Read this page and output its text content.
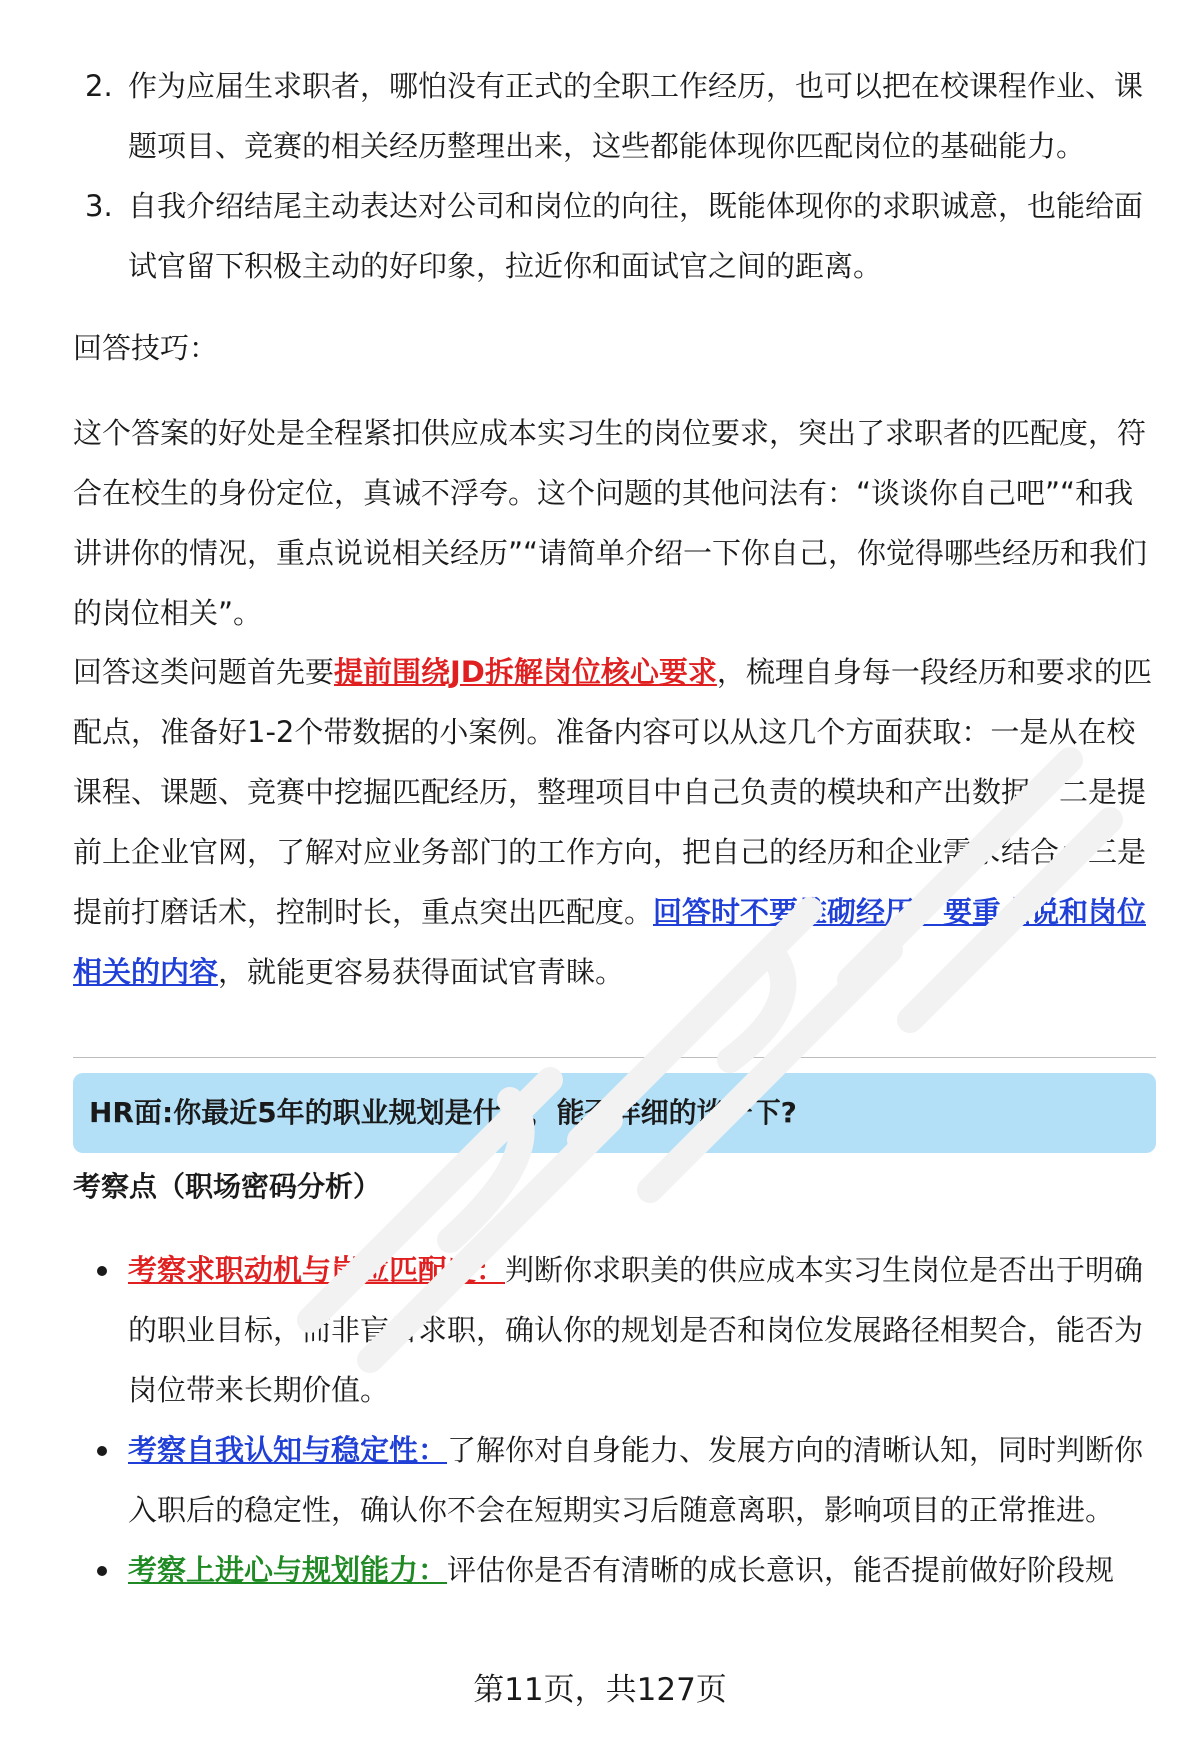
2. 作为应届生求职者，哪怕没有正式的全职工作经历，也可以把在校课程作业、课题项目、竞赛的相关经历整理出来，这些都能体现你匹配岗位的基础能力。
3. 自我介绍结尾主动表达对公司和岗位的向往，既能体现你的求职诚意，也能给面试官留下积极主动的好印象，拉近你和面试官之间的距离。

回答技巧：

这个答案的好处是全程紧扣供应成本实习生的岗位要求，突出了求职者的匹配度，符合在校生的身份定位，真诚不浮夸。这个问题的其他问法有：“谈谈你自己吧”“和我讲讲你的情况，重点说说相关经历”“请简单介绍一下你自己，你觉得哪些经历和我们的岗位相关”。

回答这类问题首先要提前围绕JD拆解岗位核心要求，梳理自身每一段经历和要求的匹配点，准备好1-2个带数据的小案例。准备内容可以从这几个方面获取：一是从在校课程、课题、竞赛中挖掘匹配经历，整理项目中自己负责的模块和产出数据；二是提前上企业官网，了解对应业务部门的工作方向，把自己的经历和企业需求结合；三是提前打磨话术，控制时长，重点突出匹配度。回答时不要堆砌经历，要重点说和岗位相关的内容，就能更容易获得面试官青睐。

HR面:你最近5年的职业规划是什么，能否详细的谈一下?
考察点（职场密码分析）
考察求职动机与岗位匹配度：判断你求职美的供应成本实习生岗位是否出于明确的职业目标，而非盲目求职，确认你的规划是否和岗位发展路径相契合，能否为岗位带来长期价值。
考察自我认知与稳定性：了解你对自身能力、发展方向的清晰认知，同时判断你入职后的稳定性，确认你不会在短期实习后随意离职，影响项目的正常推进。
考察上进心与规划能力：评估你是否有清晰的成长意识，能否提前做好阶段规
第11页，共127页
